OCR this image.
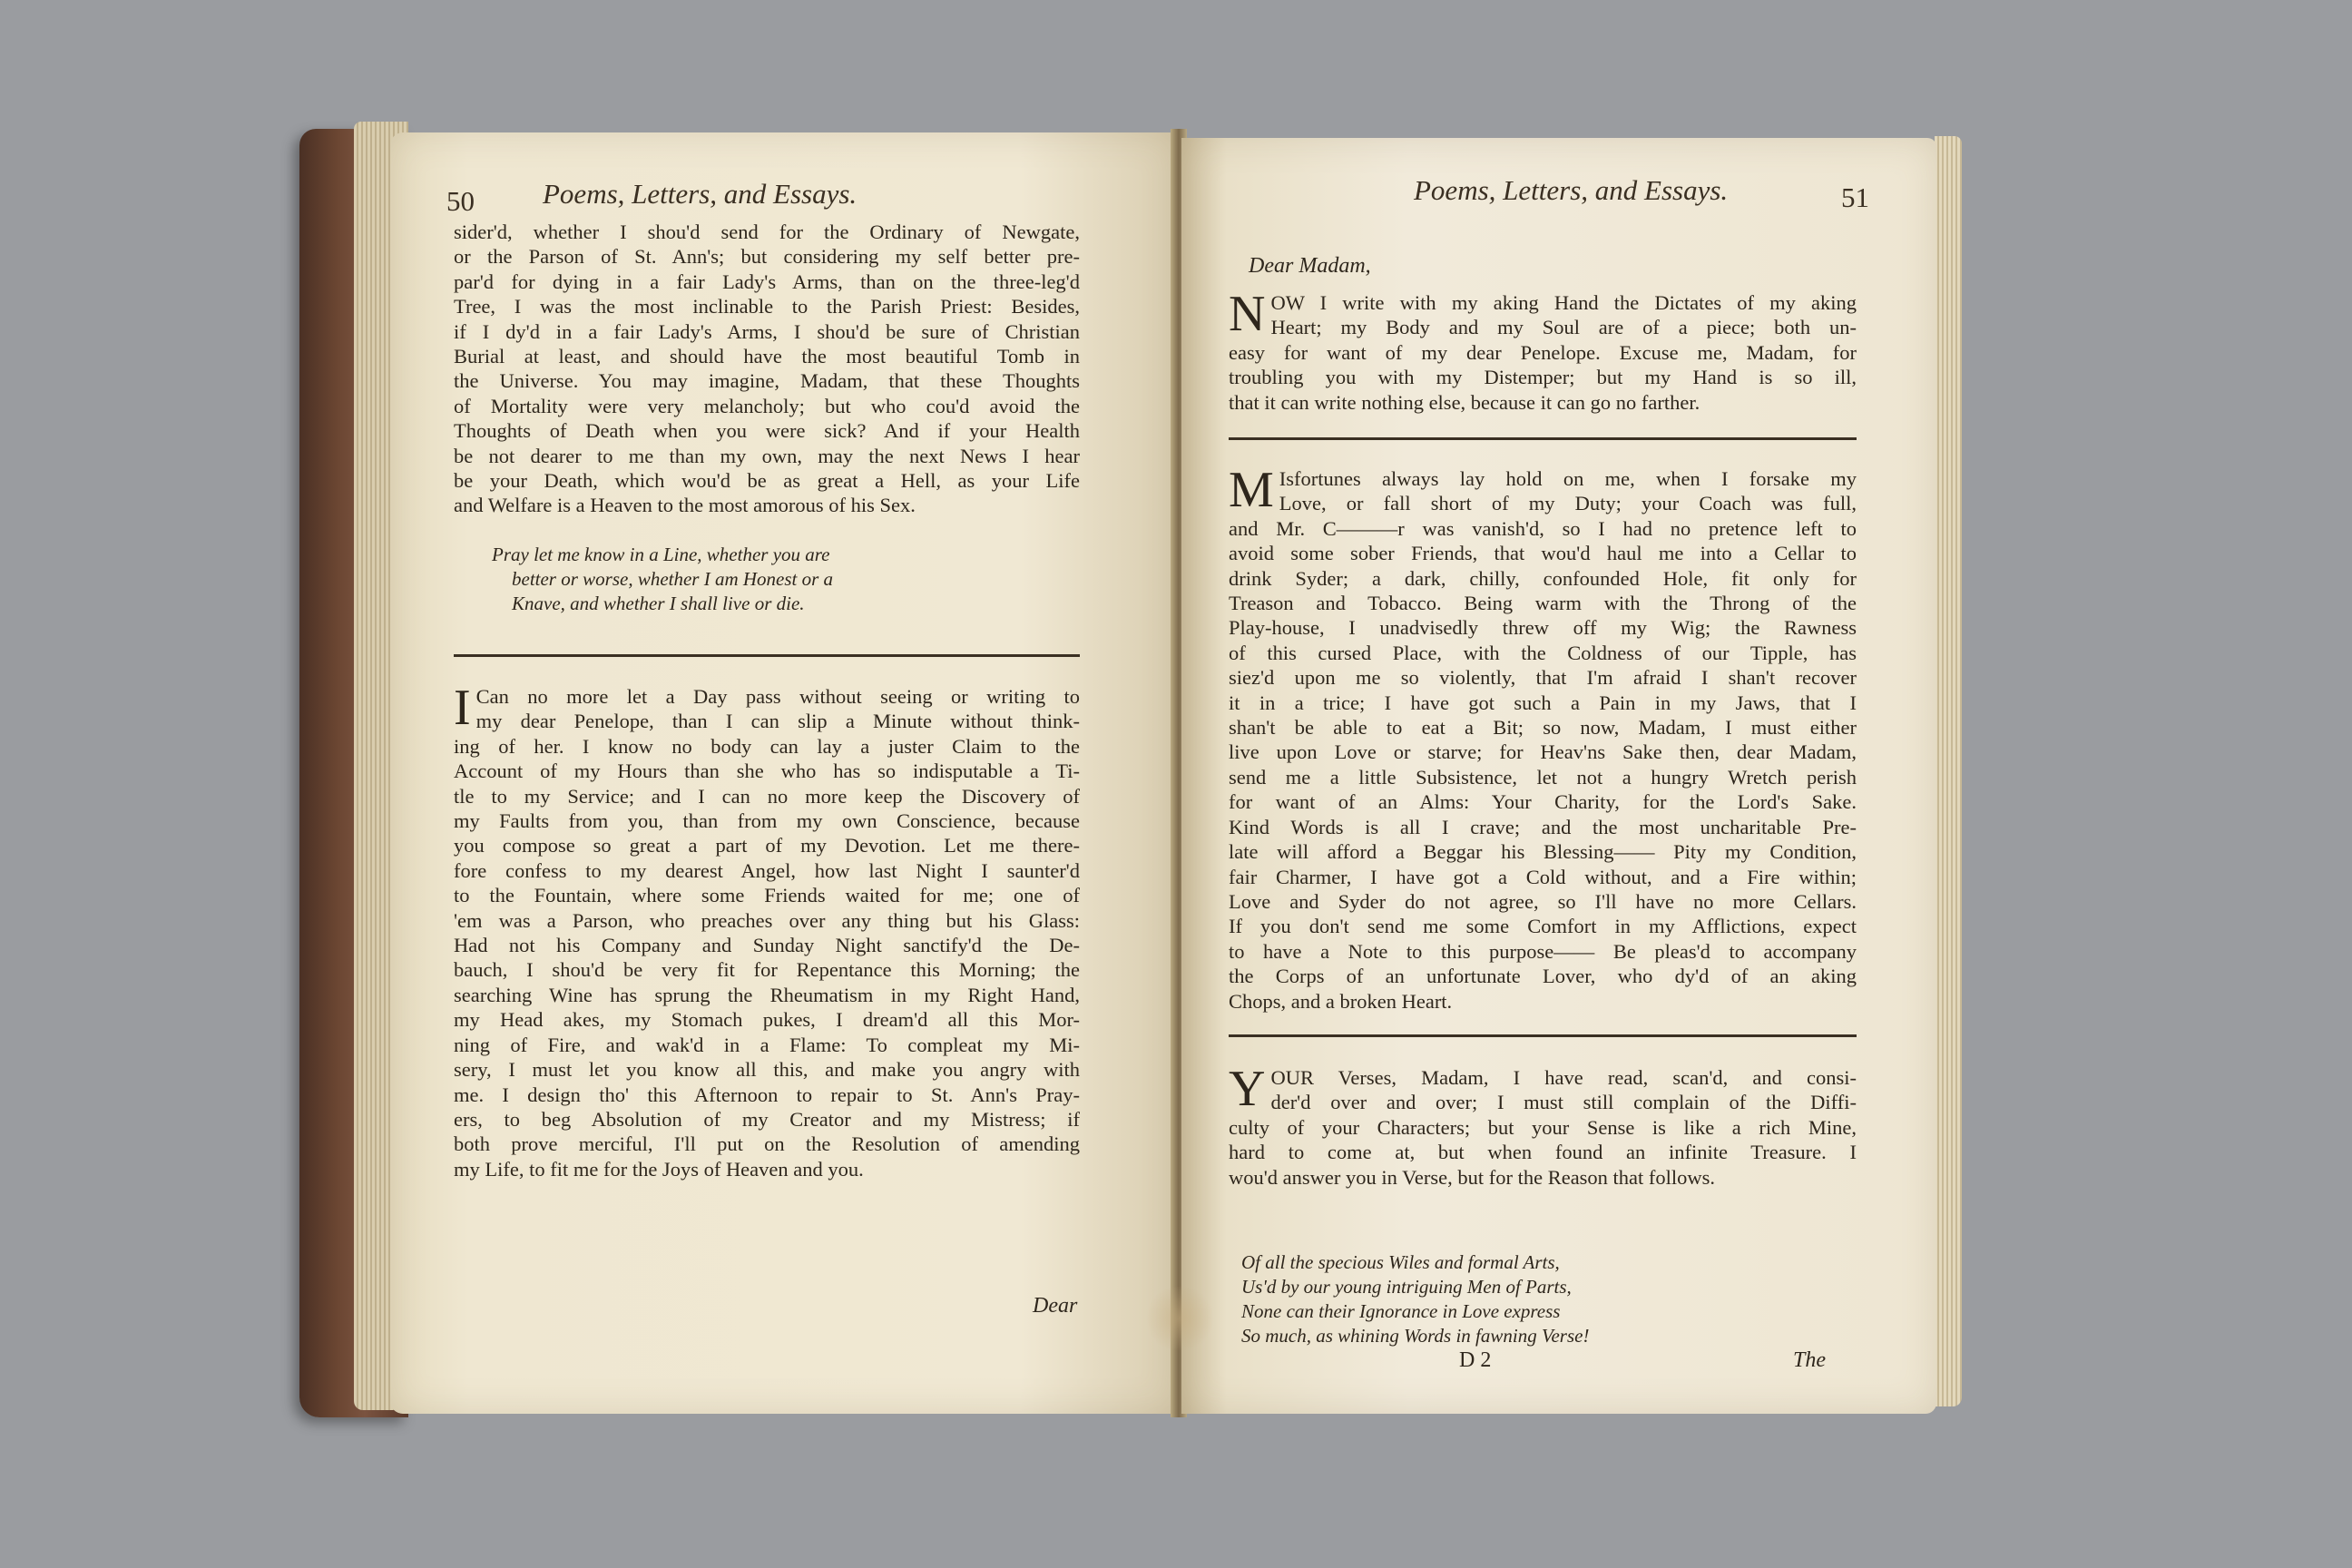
50 Poems, Letters, and Essays.
sider'd, whether I shou'd send for the Ordinary of Newgate,
or the Parson of St. Ann's; but considering my self better pre-
par'd for dying in a fair Lady's Arms, than on the three-leg'd
Tree, I was the most inclinable to the Parish Priest: Besides,
if I dy'd in a fair Lady's Arms, I shou'd be sure of Christian
Burial at least, and should have the most beautiful Tomb in
the Universe. You may imagine, Madam, that these Thoughts
of Mortality were very melancholy; but who cou'd avoid the
Thoughts of Death when you were sick? And if your Health
be not dearer to me than my own, may the next News I hear
be your Death, which wou'd be as great a Hell, as your Life
and Welfare is a Heaven to the most amorous of his Sex.
Pray let me know in a Line, whether you are
better or worse, whether I am Honest or a
Knave, and whether I shall live or die.
I Can no more let a Day pass without seeing or writing to
my dear Penelope, than I can slip a Minute without think-
ing of her. I know no body can lay a juster Claim to the
Account of my Hours than she who has so indisputable a Ti-
tle to my Service; and I can no more keep the Discovery of
my Faults from you, than from my own Conscience, because
you compose so great a part of my Devotion. Let me there-
fore confess to my dearest Angel, how last Night I saunter'd
to the Fountain, where some Friends waited for me; one of
'em was a Parson, who preaches over any thing but his Glass:
Had not his Company and Sunday Night sanctify'd the De-
bauch, I shou'd be very fit for Repentance this Morning; the
searching Wine has sprung the Rheumatism in my Right Hand,
my Head akes, my Stomach pukes, I dream'd all this Mor-
ning of Fire, and wak'd in a Flame: To compleat my Mi-
sery, I must let you know all this, and make you angry with
me. I design tho' this Afternoon to repair to St. Ann's Pray-
ers, to beg Absolution of my Creator and my Mistress; if
both prove merciful, I'll put on the Resolution of amending
my Life, to fit me for the Joys of Heaven and you.
Dear
Poems, Letters, and Essays.	51
Dear Madam,
N OW I write with my aking Hand the Dictates of my aking
Heart; my Body and my Soul are of a piece; both un-
easy for want of my dear Penelope. Excuse me, Madam, for
troubling you with my Distemper; but my Hand is so ill,
that it can write nothing else, because it can go no farther.
M Isfortunes always lay hold on me, when I forsake my
Love, or fall short of my Duty; your Coach was full,
and Mr. C———r was vanish'd, so I had no pretence left to
avoid some sober Friends, that wou'd haul me into a Cellar to
drink Syder; a dark, chilly, confounded Hole, fit only for
Treason and Tobacco. Being warm with the Throng of the
Play-house, I unadvisedly threw off my Wig; the Rawness
of this cursed Place, with the Coldness of our Tipple, has
siez'd upon me so violently, that I'm afraid I shan't recover
it in a trice; I have got such a Pain in my Jaws, that I
shan't be able to eat a Bit; so now, Madam, I must either
live upon Love or starve; for Heav'ns Sake then, dear Madam,
send me a little Subsistence, let not a hungry Wretch perish
for want of an Alms: Your Charity, for the Lord's Sake.
Kind Words is all I crave; and the most uncharitable Pre-
late will afford a Beggar his Blessing—— Pity my Condition,
fair Charmer, I have got a Cold without, and a Fire within;
Love and Syder do not agree, so I'll have no more Cellars.
If you don't send me some Comfort in my Afflictions, expect
to have a Note to this purpose—— Be pleas'd to accompany
the Corps of an unfortunate Lover, who dy'd of an aking
Chops, and a broken Heart.
Y OUR Verses, Madam, I have read, scan'd, and consi-
der'd over and over; I must still complain of the Diffi-
culty of your Characters; but your Sense is like a rich Mine,
hard to come at, but when found an infinite Treasure. I
wou'd answer you in Verse, but for the Reason that follows.
Of all the specious Wiles and formal Arts,
Us'd by our young intriguing Men of Parts,
None can their Ignorance in Love express
So much, as whining Words in fawning Verse!
D 2	The
